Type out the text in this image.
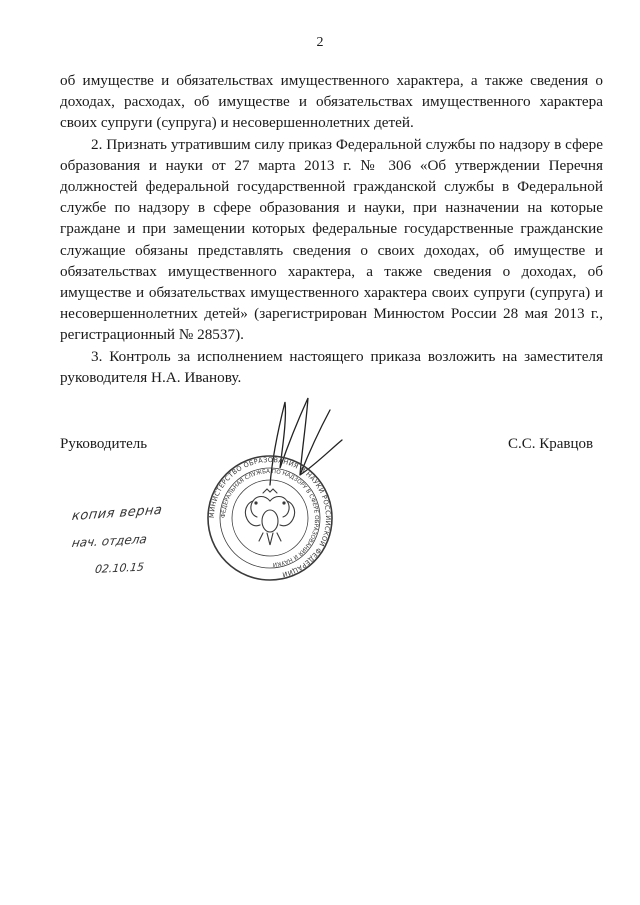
2

об имуществе и обязательствах имущественного характера, а также сведения о доходах, расходах, об имуществе и обязательствах имущественного характера своих супруги (супруга) и несовершеннолетних детей.

2. Признать утратившим силу приказ Федеральной службы по надзору в сфере образования и науки от 27 марта 2013 г. № 306 «Об утверждении Перечня должностей федеральной государственной гражданской службы в Федеральной службе по надзору в сфере образования и науки, при назначении на которые граждане и при замещении которых федеральные государственные гражданские служащие обязаны представлять сведения о своих доходах, об имуществе и обязательствах имущественного характера, а также сведения о доходах, об имуществе и обязательствах имущественного характера своих супруги (супруга) и несовершеннолетних детей» (зарегистрирован Минюстом России 28 мая 2013 г., регистрационный № 28537).

3. Контроль за исполнением настоящего приказа возложить на заместителя руководителя Н.А. Иванову.

Руководитель	С.С. Кравцов
МИНИСТЕРСТВО ОБРАЗОВАНИЯ И НАУКИ РОССИЙСКОЙ ФЕДЕРАЦИИ
ФЕДЕРАЛЬНАЯ СЛУЖБА ПО НАДЗОРУ В СФЕРЕ ОБРАЗОВАНИЯ И НАУКИ
копия верна
нач. отдела
02.10.15
